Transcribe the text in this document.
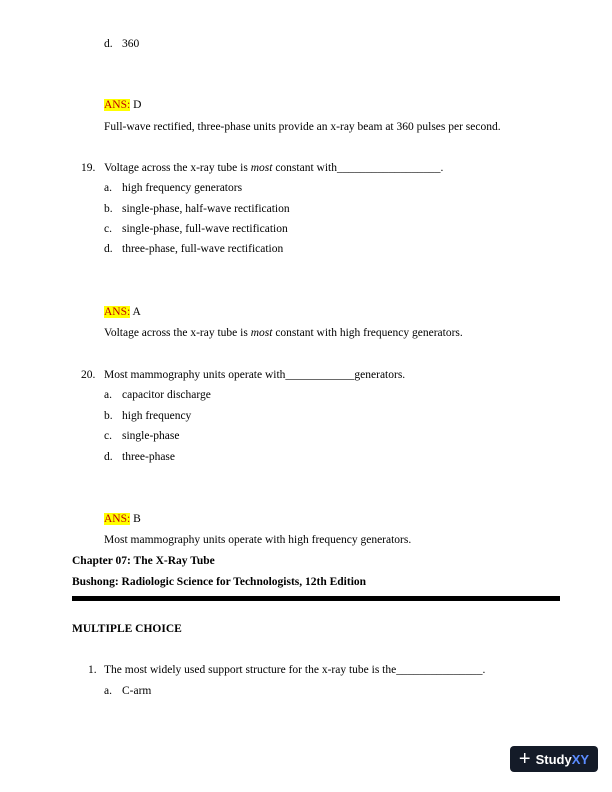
d. 360
ANS: D
Full-wave rectified, three-phase units provide an x-ray beam at 360 pulses per second.
19. Voltage across the x-ray tube is most constant with__________________.
a. high frequency generators
b. single-phase, half-wave rectification
c. single-phase, full-wave rectification
d. three-phase, full-wave rectification
ANS: A
Voltage across the x-ray tube is most constant with high frequency generators.
20. Most mammography units operate with____________generators.
a. capacitor discharge
b. high frequency
c. single-phase
d. three-phase
ANS: B
Most mammography units operate with high frequency generators.
Chapter 07: The X-Ray Tube
Bushong: Radiologic Science for Technologists, 12th Edition
MULTIPLE CHOICE
1. The most widely used support structure for the x-ray tube is the_______________.
a. C-arm
+ Study XY
